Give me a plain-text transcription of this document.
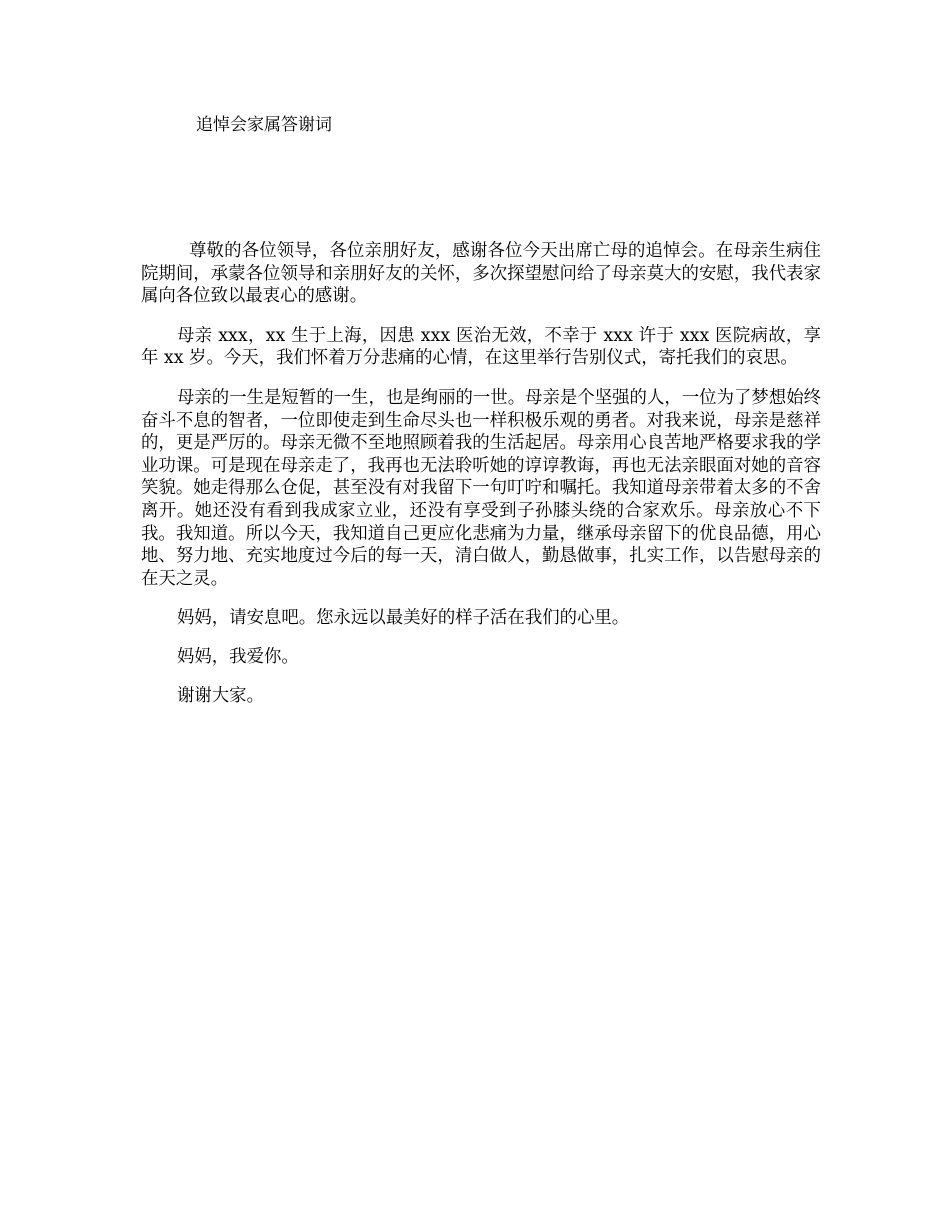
追悼会家属答谢词

尊敬的各位领导，各位亲朋好友，感谢各位今天出席亡母的追悼会。在母亲生病住院期间，承蒙各位领导和亲朋好友的关怀，多次探望慰问给了母亲莫大的安慰，我代表家属向各位致以最衷心的感谢。

母亲 xxx，xx 生于上海，因患 xxx 医治无效，不幸于 xxx 许于 xxx 医院病故，享年 xx 岁。今天，我们怀着万分悲痛的心情，在这里举行告别仪式，寄托我们的哀思。

母亲的一生是短暂的一生，也是绚丽的一世。母亲是个坚强的人，一位为了梦想始终奋斗不息的智者，一位即使走到生命尽头也一样积极乐观的勇者。对我来说，母亲是慈祥的，更是严厉的。母亲无微不至地照顾着我的生活起居。母亲用心良苦地严格要求我的学业功课。可是现在母亲走了，我再也无法聆听她的谆谆教诲，再也无法亲眼面对她的音容笑貌。她走得那么仓促，甚至没有对我留下一句叮咛和嘱托。我知道母亲带着太多的不舍离开。她还没有看到我成家立业，还没有享受到子孙膝头绕的合家欢乐。母亲放心不下我。我知道。所以今天，我知道自己更应化悲痛为力量，继承母亲留下的优良品德，用心地、努力地、充实地度过今后的每一天，清白做人，勤恳做事，扎实工作，以告慰母亲的在天之灵。

妈妈，请安息吧。您永远以最美好的样子活在我们的心里。

妈妈，我爱你。

谢谢大家。
